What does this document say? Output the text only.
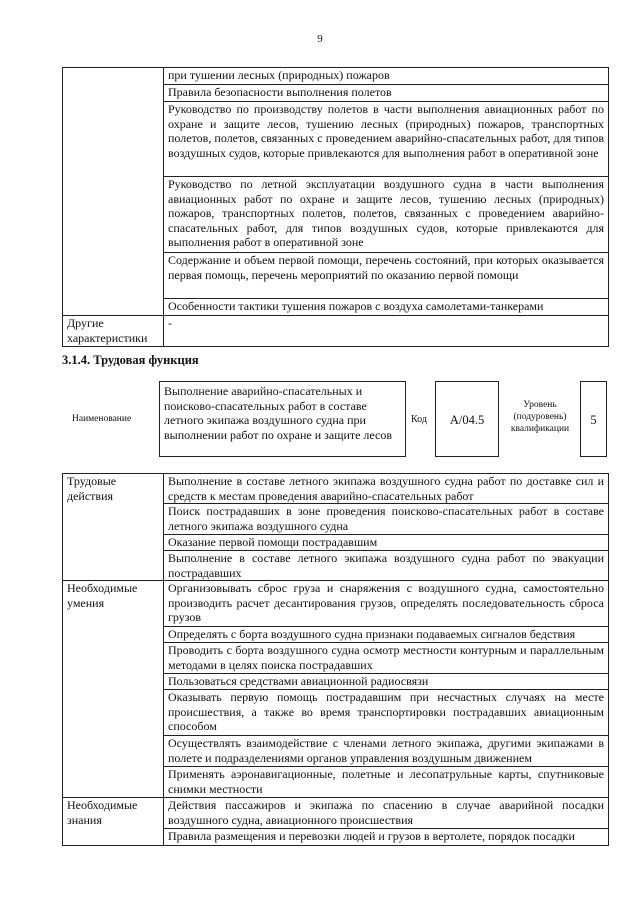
9
	при тушении лесных (природных) пожаров
	Правила безопасности выполнения полетов
	Руководство по производству полетов в части выполнения авиационных работ по охране и защите лесов, тушению лесных (природных) пожаров, транспортных полетов, полетов, связанных с проведением аварийно-спасательных работ, для типов воздушных судов, которые привлекаются для выполнения работ в оперативной зоне
	Руководство по летной эксплуатации воздушного судна в части выполнения авиационных работ по охране и защите лесов, тушению лесных (природных) пожаров, транспортных полетов, полетов, связанных с проведением аварийно-спасательных работ, для типов воздушных судов, которые привлекаются для выполнения работ в оперативной зоне
	Содержание и объем первой помощи, перечень состояний, при которых оказывается первая помощь, перечень мероприятий по оказанию первой помощи
	Особенности тактики тушения пожаров с воздуха самолетами-танкерами
Другие характеристики	-
3.1.4. Трудовая функция
Наименование
Выполнение аварийно-спасательных и поисково-спасательных работ в составе летного экипажа воздушного судна при выполнении работ по охране и защите лесов
Код	A/04.5
Уровень (подуровень) квалификации
5
Трудовые действия	Выполнение в составе летного экипажа воздушного судна работ по доставке сил и средств к местам проведения аварийно-спасательных работ
	Поиск пострадавших в зоне проведения поисково-спасательных работ в составе летного экипажа воздушного судна
	Оказание первой помощи пострадавшим
	Выполнение в составе летного экипажа воздушного судна работ по эвакуации пострадавших
Необходимые умения	Организовывать сброс груза и снаряжения с воздушного судна, самостоятельно производить расчет десантирования грузов, определять последовательность сброса грузов
	Определять с борта воздушного судна признаки подаваемых сигналов бедствия
	Проводить с борта воздушного судна осмотр местности контурным и параллельным методами в целях поиска пострадавших
	Пользоваться средствами авиационной радиосвязи
	Оказывать первую помощь пострадавшим при несчастных случаях на месте происшествия, а также во время транспортировки пострадавших авиационным способом
	Осуществлять взаимодействие с членами летного экипажа, другими экипажами в полете и подразделениями органов управления воздушным движением
	Применять аэронавигационные, полетные и лесопатрульные карты, спутниковые снимки местности
Необходимые знания	Действия пассажиров и экипажа по спасению в случае аварийной посадки воздушного судна, авиационного происшествия
	Правила размещения и перевозки людей и грузов в вертолете, порядок посадки
